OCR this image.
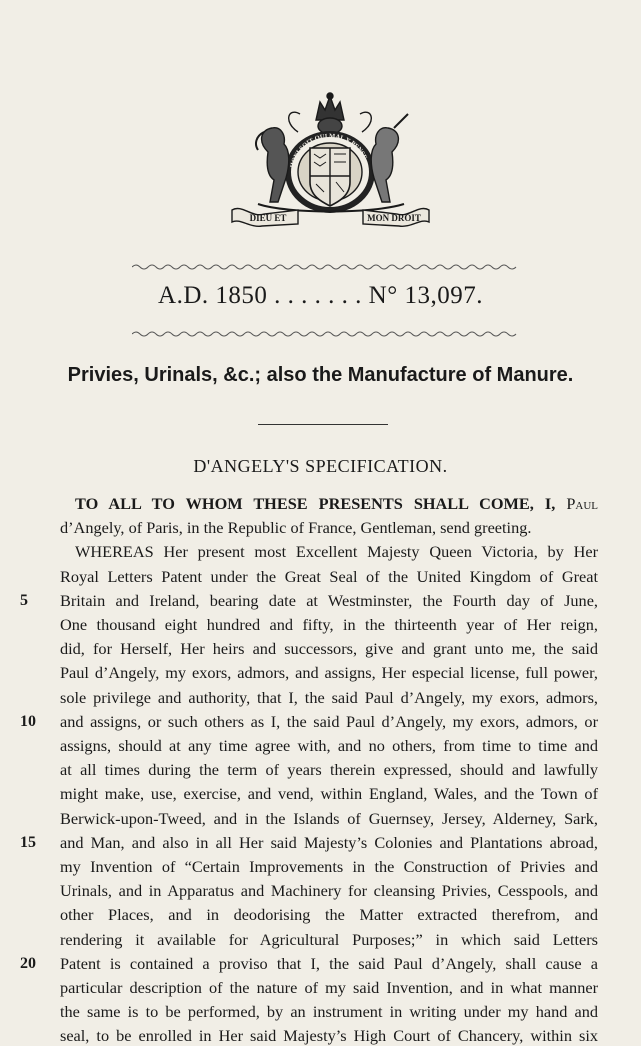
DIEU ET	MON DROIT
HONI SOIT QUI MAL Y PENSE
A.D. 1850 . . . . . . . N° 13,097.
Privies, Urinals, &c.; also the Manufacture of Manure.
D'ANGELY'S SPECIFICATION.
TO ALL TO WHOM THESE PRESENTS SHALL COME, I, Paul
d’Angely, of Paris, in the Republic of France, Gentleman, send greeting.
WHEREAS Her present most Excellent Majesty Queen Victoria, by Her
Royal Letters Patent under the Great Seal of the United Kingdom of Great
Britain and Ireland, bearing date at Westminster, the Fourth day of June,
5
One thousand eight hundred and fifty, in the thirteenth year of Her reign,
did, for Herself, Her heirs and successors, give and grant unto me, the said
Paul d’Angely, my exors, admors, and assigns, Her especial license, full power,
sole privilege and authority, that I, the said Paul d’Angely, my exors, admors,
and assigns, or such others as I, the said Paul d’Angely, my exors, admors, or
10
assigns, should at any time agree with, and no others, from time to time and
at all times during the term of years therein expressed, should and lawfully
might make, use, exercise, and vend, within England, Wales, and the Town of
Berwick-upon-Tweed, and in the Islands of Guernsey, Jersey, Alderney, Sark,
and Man, and also in all Her said Majesty’s Colonies and Plantations abroad,
15
my Invention of “Certain Improvements in the Construction of Privies and
Urinals, and in Apparatus and Machinery for cleansing Privies, Cesspools, and
other Places, and in deodorising the Matter extracted therefrom, and
rendering it available for Agricultural Purposes;” in which said Letters
Patent is contained a proviso that I, the said Paul d’Angely, shall cause a
20
particular description of the nature of my said Invention, and in what manner
the same is to be performed, by an instrument in writing under my hand and
seal, to be enrolled in Her said Majesty’s High Court of Chancery, within six
